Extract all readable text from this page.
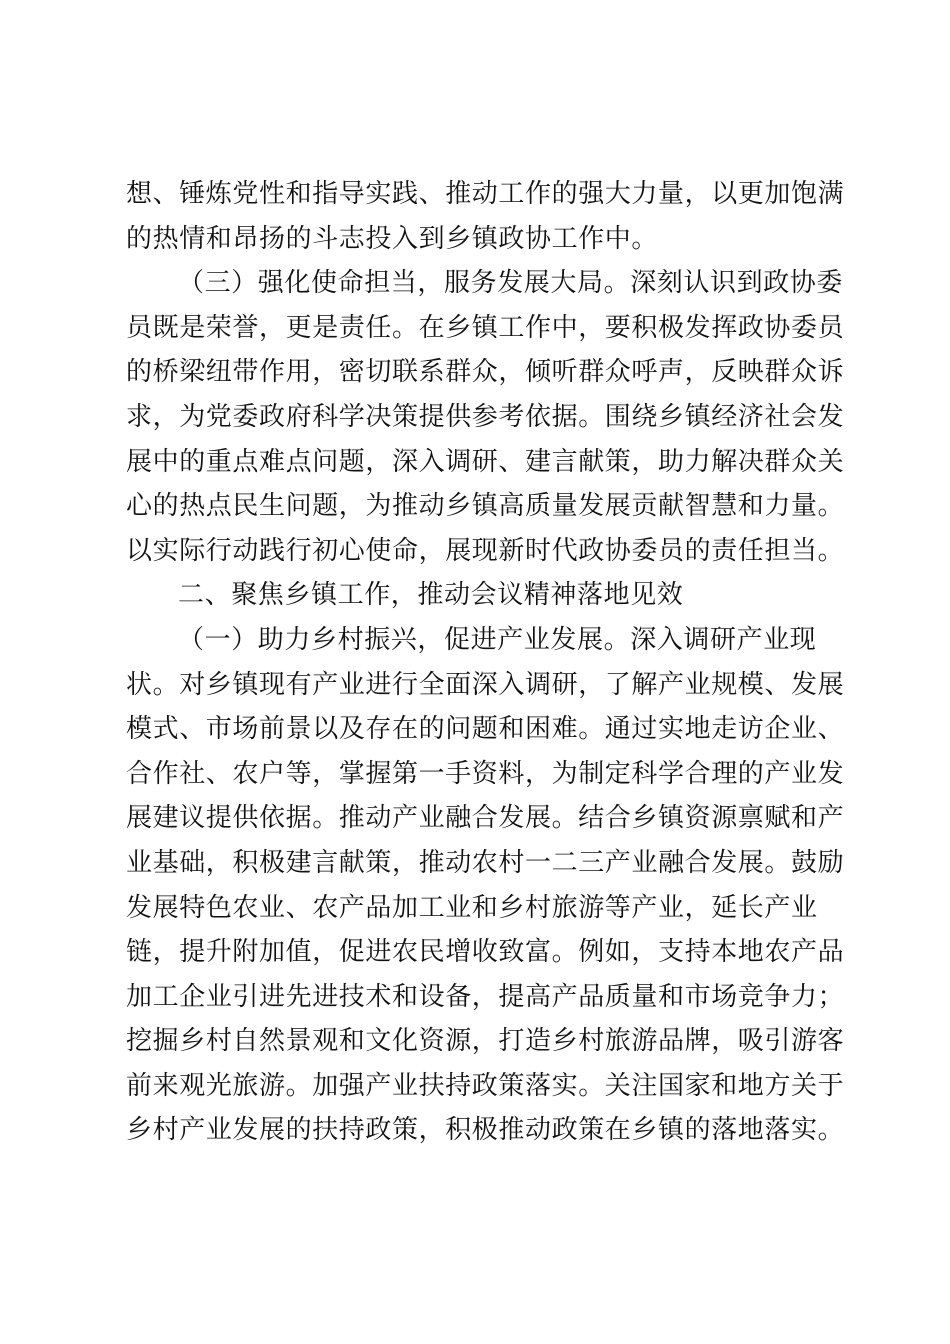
想、锤炼党性和指导实践、推动工作的强大力量，以更加饱满
的热情和昂扬的斗志投入到乡镇政协工作中。
（三）强化使命担当，服务发展大局。深刻认识到政协委
员既是荣誉，更是责任。在乡镇工作中，要积极发挥政协委员
的桥梁纽带作用，密切联系群众，倾听群众呼声，反映群众诉
求，为党委政府科学决策提供参考依据。围绕乡镇经济社会发
展中的重点难点问题，深入调研、建言献策，助力解决群众关
心的热点民生问题，为推动乡镇高质量发展贡献智慧和力量。
以实际行动践行初心使命，展现新时代政协委员的责任担当。
二、聚焦乡镇工作，推动会议精神落地见效
（一）助力乡村振兴，促进产业发展。深入调研产业现
状。对乡镇现有产业进行全面深入调研，了解产业规模、发展
模式、市场前景以及存在的问题和困难。通过实地走访企业、
合作社、农户等，掌握第一手资料，为制定科学合理的产业发
展建议提供依据。推动产业融合发展。结合乡镇资源禀赋和产
业基础，积极建言献策，推动农村一二三产业融合发展。鼓励
发展特色农业、农产品加工业和乡村旅游等产业，延长产业
链，提升附加值，促进农民增收致富。例如，支持本地农产品
加工企业引进先进技术和设备，提高产品质量和市场竞争力；
挖掘乡村自然景观和文化资源，打造乡村旅游品牌，吸引游客
前来观光旅游。加强产业扶持政策落实。关注国家和地方关于
乡村产业发展的扶持政策，积极推动政策在乡镇的落地落实。
